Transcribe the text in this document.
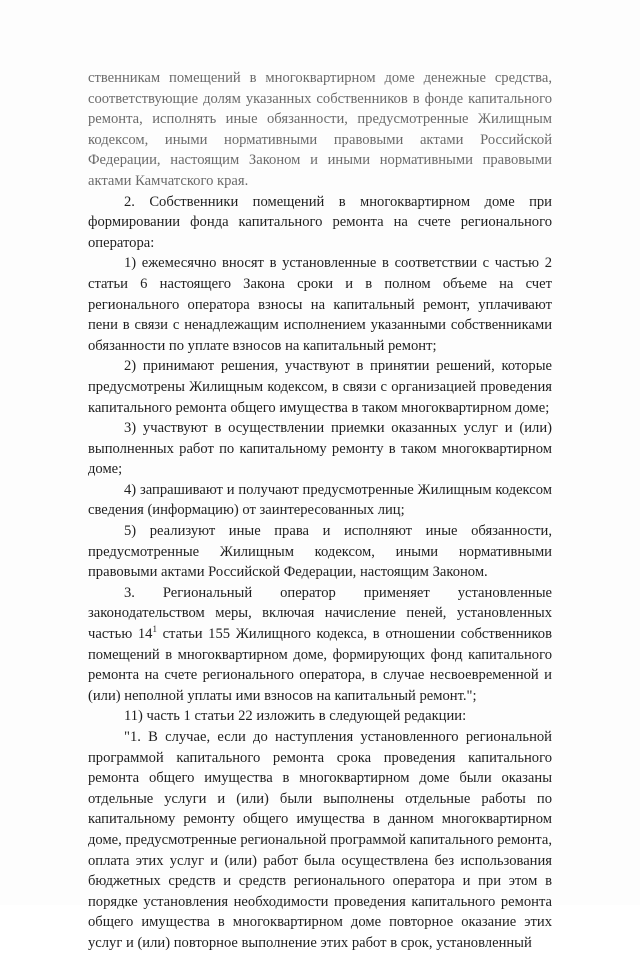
ственникам помещений в многоквартирном доме денежные средства, соответствующие долям указанных собственников в фонде капитального ремонта, исполнять иные обязанности, предусмотренные Жилищным кодексом, иными нормативными правовыми актами Российской Федерации, настоящим Законом и иными нормативными правовыми актами Камчатского края.

2. Собственники помещений в многоквартирном доме при формировании фонда капитального ремонта на счете регионального оператора:

1) ежемесячно вносят в установленные в соответствии с частью 2 статьи 6 настоящего Закона сроки и в полном объеме на счет регионального оператора взносы на капитальный ремонт, уплачивают пени в связи с ненадлежащим исполнением указанными собственниками обязанности по уплате взносов на капитальный ремонт;

2) принимают решения, участвуют в принятии решений, которые предусмотрены Жилищным кодексом, в связи с организацией проведения капитального ремонта общего имущества в таком многоквартирном доме;

3) участвуют в осуществлении приемки оказанных услуг и (или) выполненных работ по капитальному ремонту в таком многоквартирном доме;

4) запрашивают и получают предусмотренные Жилищным кодексом сведения (информацию) от заинтересованных лиц;

5) реализуют иные права и исполняют иные обязанности, предусмотренные Жилищным кодексом, иными нормативными правовыми актами Российской Федерации, настоящим Законом.

3. Региональный оператор применяет установленные законодательством меры, включая начисление пеней, установленных частью $14^1$ статьи 155 Жилищного кодекса, в отношении собственников помещений в многоквартирном доме, формирующих фонд капитального ремонта на счете регионального оператора, в случае несвоевременной и (или) неполной уплаты ими взносов на капитальный ремонт.";

11) часть 1 статьи 22 изложить в следующей редакции:

"1. В случае, если до наступления установленного региональной программой капитального ремонта срока проведения капитального ремонта общего имущества в многоквартирном доме были оказаны отдельные услуги и (или) были выполнены отдельные работы по капитальному ремонту общего имущества в данном многоквартирном доме, предусмотренные региональной программой капитального ремонта, оплата этих услуг и (или) работ была осуществлена без использования бюджетных средств и средств регионального оператора и при этом в порядке установления необходимости проведения капитального ремонта общего имущества в многоквартирном доме повторное оказание этих услуг и (или) повторное выполнение этих работ в срок, установленный
